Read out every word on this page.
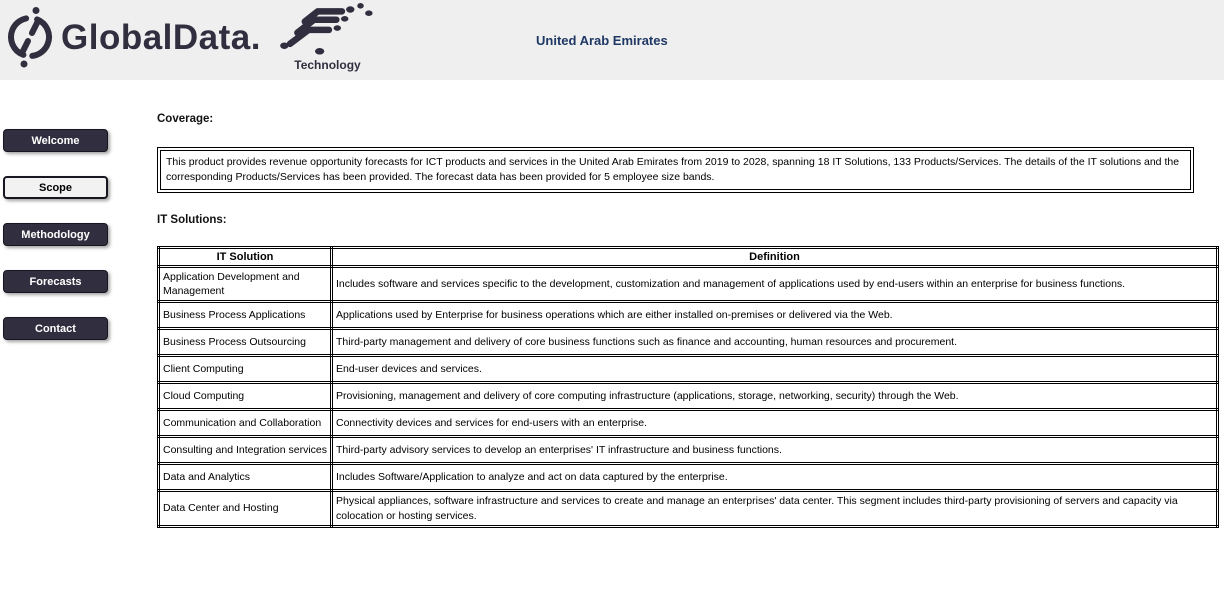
GlobalData.
Technology
United Arab Emirates
Welcome
Scope
Methodology
Forecasts
Contact
Coverage:
This product provides revenue opportunity forecasts for ICT products and services in the United Arab Emirates from 2019 to 2028, spanning 18 IT Solutions, 133 Products/Services. The details of the IT solutions and the corresponding Products/Services has been provided. The forecast data has been provided for 5 employee size bands.
IT Solutions:
IT Solution	Definition
Application Development and Management	Includes software and services specific to the development, customization and management of applications used by end-users within an enterprise for business functions.

Business Process Applications	Applications used by Enterprise for business operations which are either installed on-premises or delivered via the Web.

Business Process Outsourcing	Third-party management and delivery of core business functions such as finance and accounting, human resources and procurement.

Client Computing	End-user devices and services.

Cloud Computing	Provisioning, management and delivery of core computing infrastructure (applications, storage, networking, security) through the Web.

Communication and Collaboration	Connectivity devices and services for end-users with an enterprise.

Consulting and Integration services	Third-party advisory services to develop an enterprises' IT infrastructure and business functions.

Data and Analytics	Includes Software/Application to analyze and act on data captured by the enterprise.

Data Center and Hosting	Physical appliances, software infrastructure and services to create and manage an enterprises' data center. This segment includes third-party provisioning of servers and capacity via colocation or hosting services.
